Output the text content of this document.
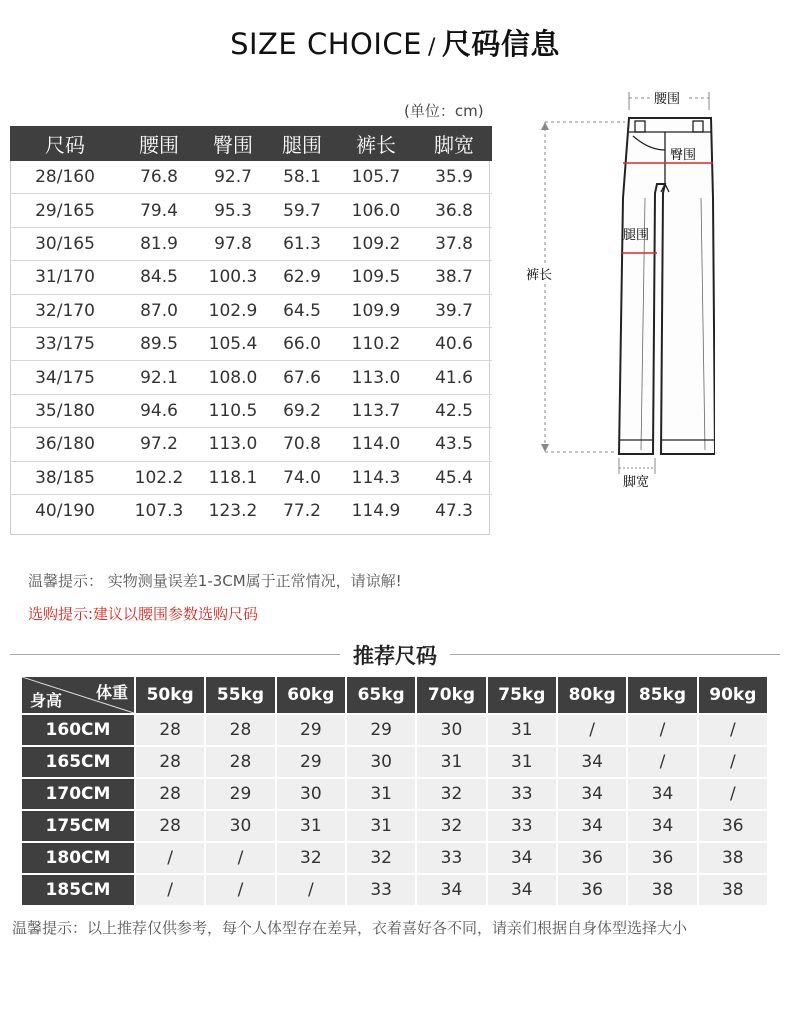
SIZE CHOICE / 尺码信息
(单位：cm)
尺码	腰围	臀围	腿围	裤长	脚宽
28/160	76.8	92.7	58.1	105.7	35.9
29/165	79.4	95.3	59.7	106.0	36.8
30/165	81.9	97.8	61.3	109.2	37.8
31/170	84.5	100.3	62.9	109.5	38.7
32/170	87.0	102.9	64.5	109.9	39.7
33/175	89.5	105.4	66.0	110.2	40.6
34/175	92.1	108.0	67.6	113.0	41.6
35/180	94.6	110.5	69.2	113.7	42.5
36/180	97.2	113.0	70.8	114.0	43.5
38/185	102.2	118.1	74.0	114.3	45.4
40/190	107.3	123.2	77.2	114.9	47.3
腰围
臀围
腿围
裤长
脚宽
温馨提示： 实物测量误差1-3CM属于正常情况，请谅解!
选购提示:建议以腰围参数选购尺码
推荐尺码
体重
身高	50kg	55kg	60kg	65kg	70kg	75kg	80kg	85kg	90kg
160CM	28	28	29	29	30	31	/	/	/
165CM	28	28	29	30	31	31	34	/	/
170CM	28	29	30	31	32	33	34	34	/
175CM	28	30	31	31	32	33	34	34	36
180CM	/	/	32	32	33	34	36	36	38
185CM	/	/	/	33	34	34	36	38	38
温馨提示：以上推荐仅供参考，每个人体型存在差异，衣着喜好各不同，请亲们根据自身体型选择大小
